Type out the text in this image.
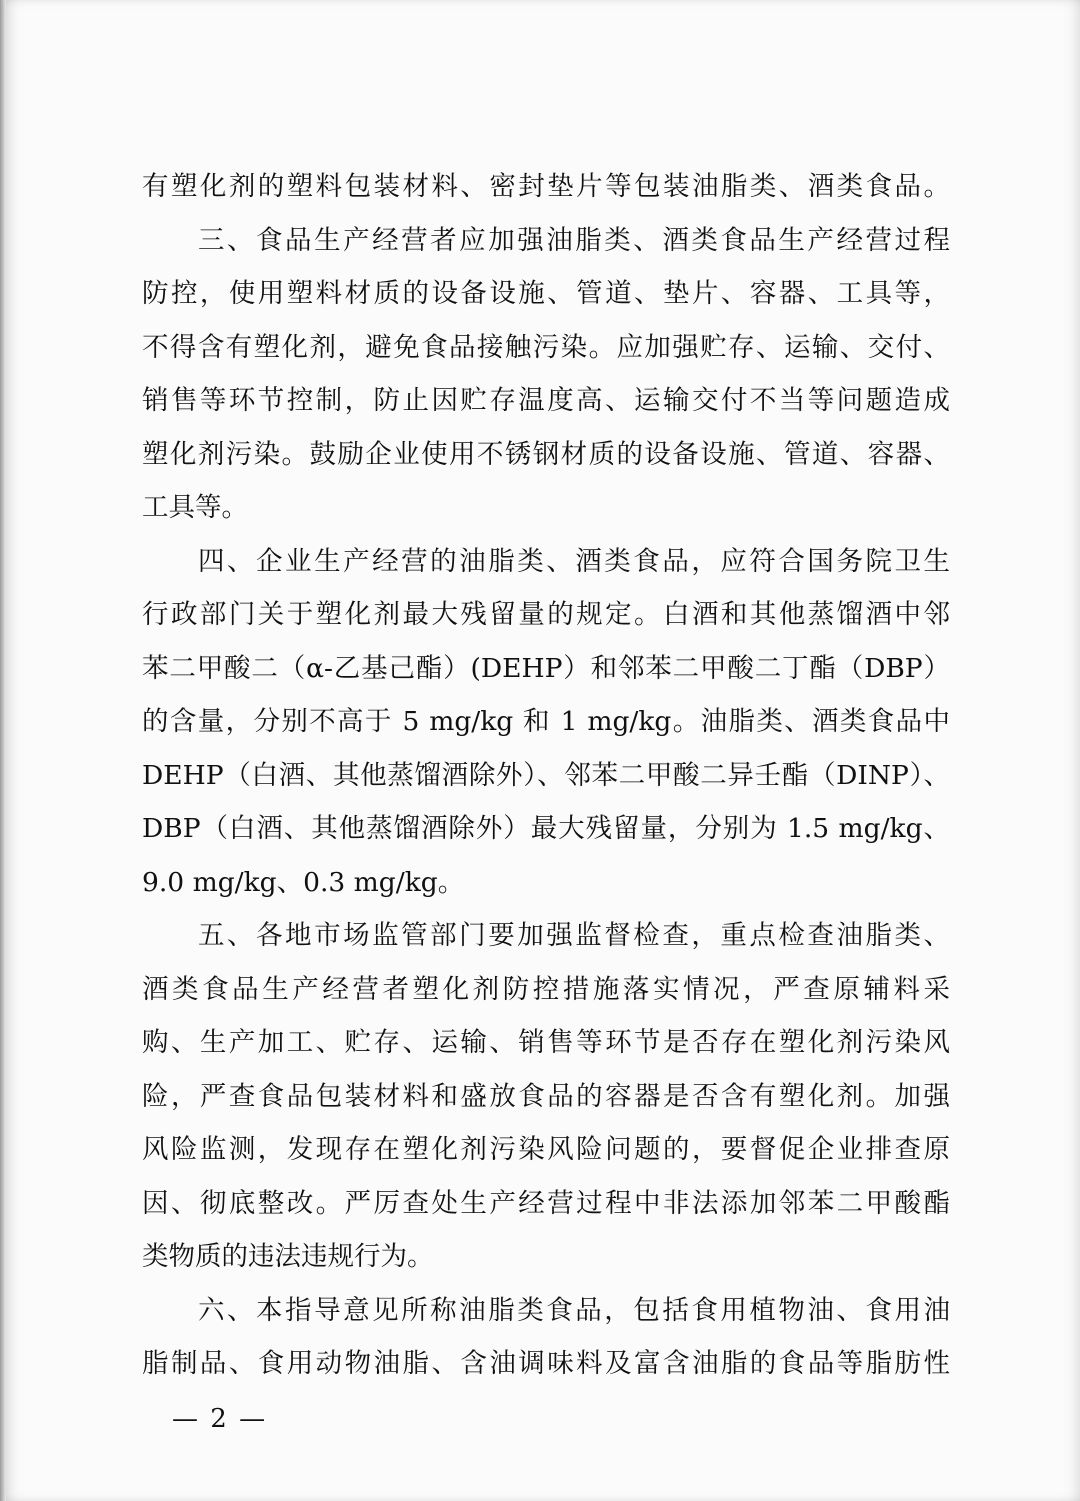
有塑化剂的塑料包装材料、密封垫片等包装油脂类、酒类食品。
三、食品生产经营者应加强油脂类、酒类食品生产经营过程
防控，使用塑料材质的设备设施、管道、垫片、容器、工具等，
不得含有塑化剂，避免食品接触污染。应加强贮存、运输、交付、
销售等环节控制，防止因贮存温度高、运输交付不当等问题造成
塑化剂污染。鼓励企业使用不锈钢材质的设备设施、管道、容器、
工具等。
四、企业生产经营的油脂类、酒类食品，应符合国务院卫生
行政部门关于塑化剂最大残留量的规定。白酒和其他蒸馏酒中邻
苯二甲酸二（α-乙基己酯）(DEHP）和邻苯二甲酸二丁酯（DBP）
的含量，分别不高于 5 mg/kg 和 1 mg/kg。油脂类、酒类食品中
DEHP（白酒、其他蒸馏酒除外）、邻苯二甲酸二异壬酯（DINP）、
DBP（白酒、其他蒸馏酒除外）最大残留量，分别为 1.5 mg/kg、
9.0 mg/kg、0.3 mg/kg。
五、各地市场监管部门要加强监督检查，重点检查油脂类、
酒类食品生产经营者塑化剂防控措施落实情况，严查原辅料采
购、生产加工、贮存、运输、销售等环节是否存在塑化剂污染风
险，严查食品包装材料和盛放食品的容器是否含有塑化剂。加强
风险监测，发现存在塑化剂污染风险问题的，要督促企业排查原
因、彻底整改。严厉查处生产经营过程中非法添加邻苯二甲酸酯
类物质的违法违规行为。
六、本指导意见所称油脂类食品，包括食用植物油、食用油
脂制品、食用动物油脂、含油调味料及富含油脂的食品等脂肪性
— 2 —
